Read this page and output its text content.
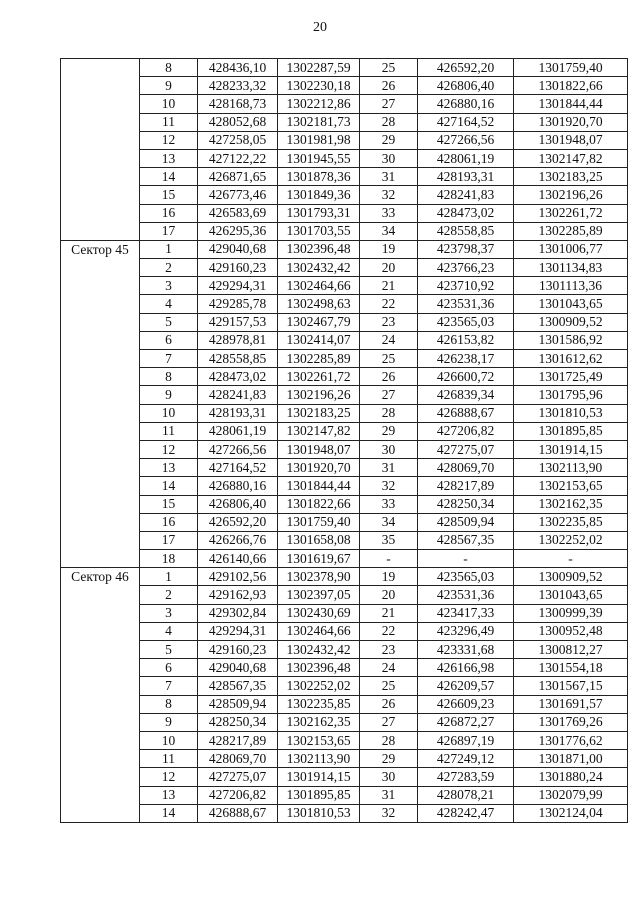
20
	8	428436,10	1302287,59	25	426592,20	1301759,40
	9	428233,32	1302230,18	26	426806,40	1301822,66
	10	428168,73	1302212,86	27	426880,16	1301844,44
	11	428052,68	1302181,73	28	427164,52	1301920,70
	12	427258,05	1301981,98	29	427266,56	1301948,07
	13	427122,22	1301945,55	30	428061,19	1302147,82
	14	426871,65	1301878,36	31	428193,31	1302183,25
	15	426773,46	1301849,36	32	428241,83	1302196,26
	16	426583,69	1301793,31	33	428473,02	1302261,72
	17	426295,36	1301703,55	34	428558,85	1302285,89
Сектор 45	1	429040,68	1302396,48	19	423798,37	1301006,77
	2	429160,23	1302432,42	20	423766,23	1301134,83
	3	429294,31	1302464,66	21	423710,92	1301113,36
	4	429285,78	1302498,63	22	423531,36	1301043,65
	5	429157,53	1302467,79	23	423565,03	1300909,52
	6	428978,81	1302414,07	24	426153,82	1301586,92
	7	428558,85	1302285,89	25	426238,17	1301612,62
	8	428473,02	1302261,72	26	426600,72	1301725,49
	9	428241,83	1302196,26	27	426839,34	1301795,96
	10	428193,31	1302183,25	28	426888,67	1301810,53
	11	428061,19	1302147,82	29	427206,82	1301895,85
	12	427266,56	1301948,07	30	427275,07	1301914,15
	13	427164,52	1301920,70	31	428069,70	1302113,90
	14	426880,16	1301844,44	32	428217,89	1302153,65
	15	426806,40	1301822,66	33	428250,34	1302162,35
	16	426592,20	1301759,40	34	428509,94	1302235,85
	17	426266,76	1301658,08	35	428567,35	1302252,02
	18	426140,66	1301619,67	-	-	-
Сектор 46	1	429102,56	1302378,90	19	423565,03	1300909,52
	2	429162,93	1302397,05	20	423531,36	1301043,65
	3	429302,84	1302430,69	21	423417,33	1300999,39
	4	429294,31	1302464,66	22	423296,49	1300952,48
	5	429160,23	1302432,42	23	423331,68	1300812,27
	6	429040,68	1302396,48	24	426166,98	1301554,18
	7	428567,35	1302252,02	25	426209,57	1301567,15
	8	428509,94	1302235,85	26	426609,23	1301691,57
	9	428250,34	1302162,35	27	426872,27	1301769,26
	10	428217,89	1302153,65	28	426897,19	1301776,62
	11	428069,70	1302113,90	29	427249,12	1301871,00
	12	427275,07	1301914,15	30	427283,59	1301880,24
	13	427206,82	1301895,85	31	428078,21	1302079,99
	14	426888,67	1301810,53	32	428242,47	1302124,04
